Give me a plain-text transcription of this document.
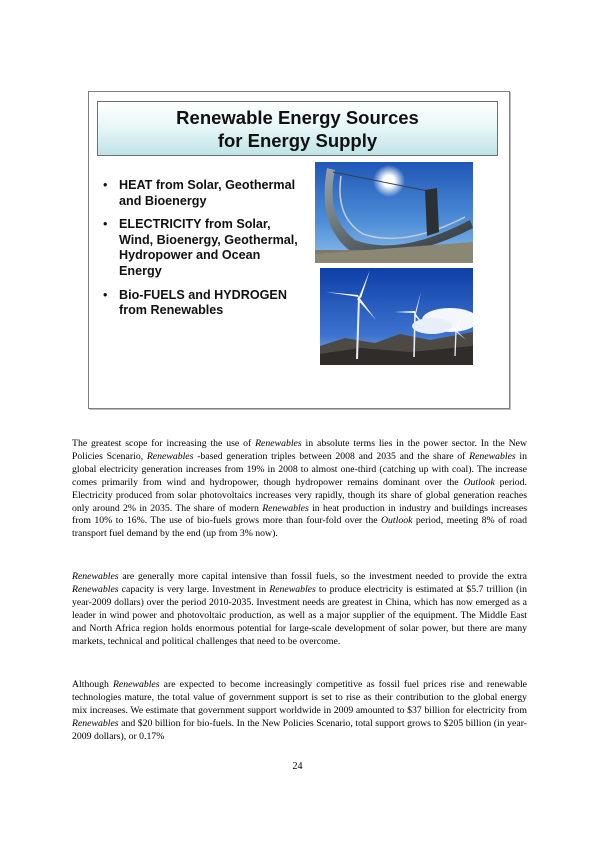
Renewable Energy Sources
for Energy Supply
• HEAT from Solar, Geothermal and Bioenergy
• ELECTRICITY from Solar, Wind, Bioenergy, Geothermal, Hydropower and Ocean Energy
• Bio-FUELS and HYDROGEN from Renewables

The greatest scope for increasing the use of Renewables in absolute terms lies in the power sector. In the New Policies Scenario, Renewables -based generation triples between 2008 and 2035 and the share of Renewables in global electricity generation increases from 19% in 2008 to almost one-third (catching up with coal). The increase comes primarily from wind and hydropower, though hydropower remains dominant over the Outlook period. Electricity produced from solar photovoltaics increases very rapidly, though its share of global generation reaches only around 2% in 2035. The share of modern Renewables in heat production in industry and buildings increases from 10% to 16%. The use of bio-fuels grows more than four-fold over the Outlook period, meeting 8% of road transport fuel demand by the end (up from 3% now).

Renewables are generally more capital intensive than fossil fuels, so the investment needed to provide the extra Renewables capacity is very large. Investment in Renewables to produce electricity is estimated at $5.7 trillion (in year-2009 dollars) over the period 2010-2035. Investment needs are greatest in China, which has now emerged as a leader in wind power and photovoltaic production, as well as a major supplier of the equipment. The Middle East and North Africa region holds enormous potential for large-scale development of solar power, but there are many markets, technical and political challenges that need to be overcome.

Although Renewables are expected to become increasingly competitive as fossil fuel prices rise and renewable technologies mature, the total value of government support is set to rise as their contribution to the global energy mix increases. We estimate that government support worldwide in 2009 amounted to $37 billion for electricity from Renewables and $20 billion for bio-fuels. In the New Policies Scenario, total support grows to $205 billion (in year-2009 dollars), or 0.17%

24
